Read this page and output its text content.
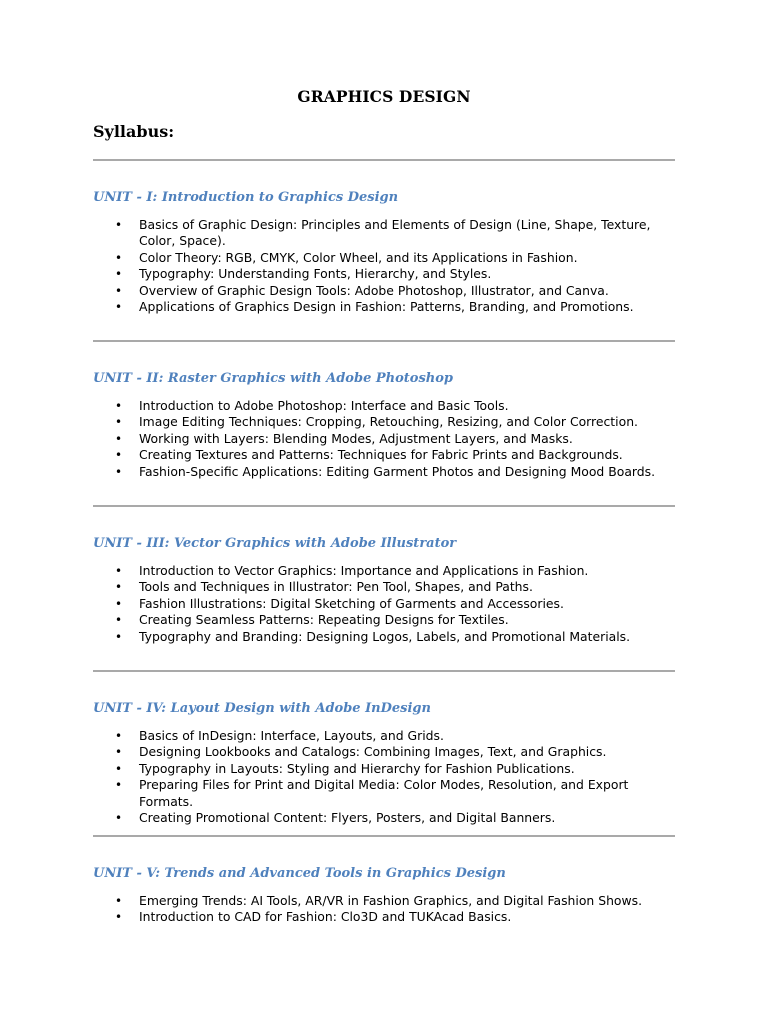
GRAPHICS DESIGN
Syllabus:
UNIT - I: Introduction to Graphics Design
• Basics of Graphic Design: Principles and Elements of Design (Line, Shape, Texture, Color, Space).
• Color Theory: RGB, CMYK, Color Wheel, and its Applications in Fashion.
• Typography: Understanding Fonts, Hierarchy, and Styles.
• Overview of Graphic Design Tools: Adobe Photoshop, Illustrator, and Canva.
• Applications of Graphics Design in Fashion: Patterns, Branding, and Promotions.
UNIT - II: Raster Graphics with Adobe Photoshop
• Introduction to Adobe Photoshop: Interface and Basic Tools.
• Image Editing Techniques: Cropping, Retouching, Resizing, and Color Correction.
• Working with Layers: Blending Modes, Adjustment Layers, and Masks.
• Creating Textures and Patterns: Techniques for Fabric Prints and Backgrounds.
• Fashion-Specific Applications: Editing Garment Photos and Designing Mood Boards.
UNIT - III: Vector Graphics with Adobe Illustrator
• Introduction to Vector Graphics: Importance and Applications in Fashion.
• Tools and Techniques in Illustrator: Pen Tool, Shapes, and Paths.
• Fashion Illustrations: Digital Sketching of Garments and Accessories.
• Creating Seamless Patterns: Repeating Designs for Textiles.
• Typography and Branding: Designing Logos, Labels, and Promotional Materials.
UNIT - IV: Layout Design with Adobe InDesign
• Basics of InDesign: Interface, Layouts, and Grids.
• Designing Lookbooks and Catalogs: Combining Images, Text, and Graphics.
• Typography in Layouts: Styling and Hierarchy for Fashion Publications.
• Preparing Files for Print and Digital Media: Color Modes, Resolution, and Export Formats.
• Creating Promotional Content: Flyers, Posters, and Digital Banners.
UNIT - V: Trends and Advanced Tools in Graphics Design
• Emerging Trends: AI Tools, AR/VR in Fashion Graphics, and Digital Fashion Shows.
• Introduction to CAD for Fashion: Clo3D and TUKAcad Basics.
